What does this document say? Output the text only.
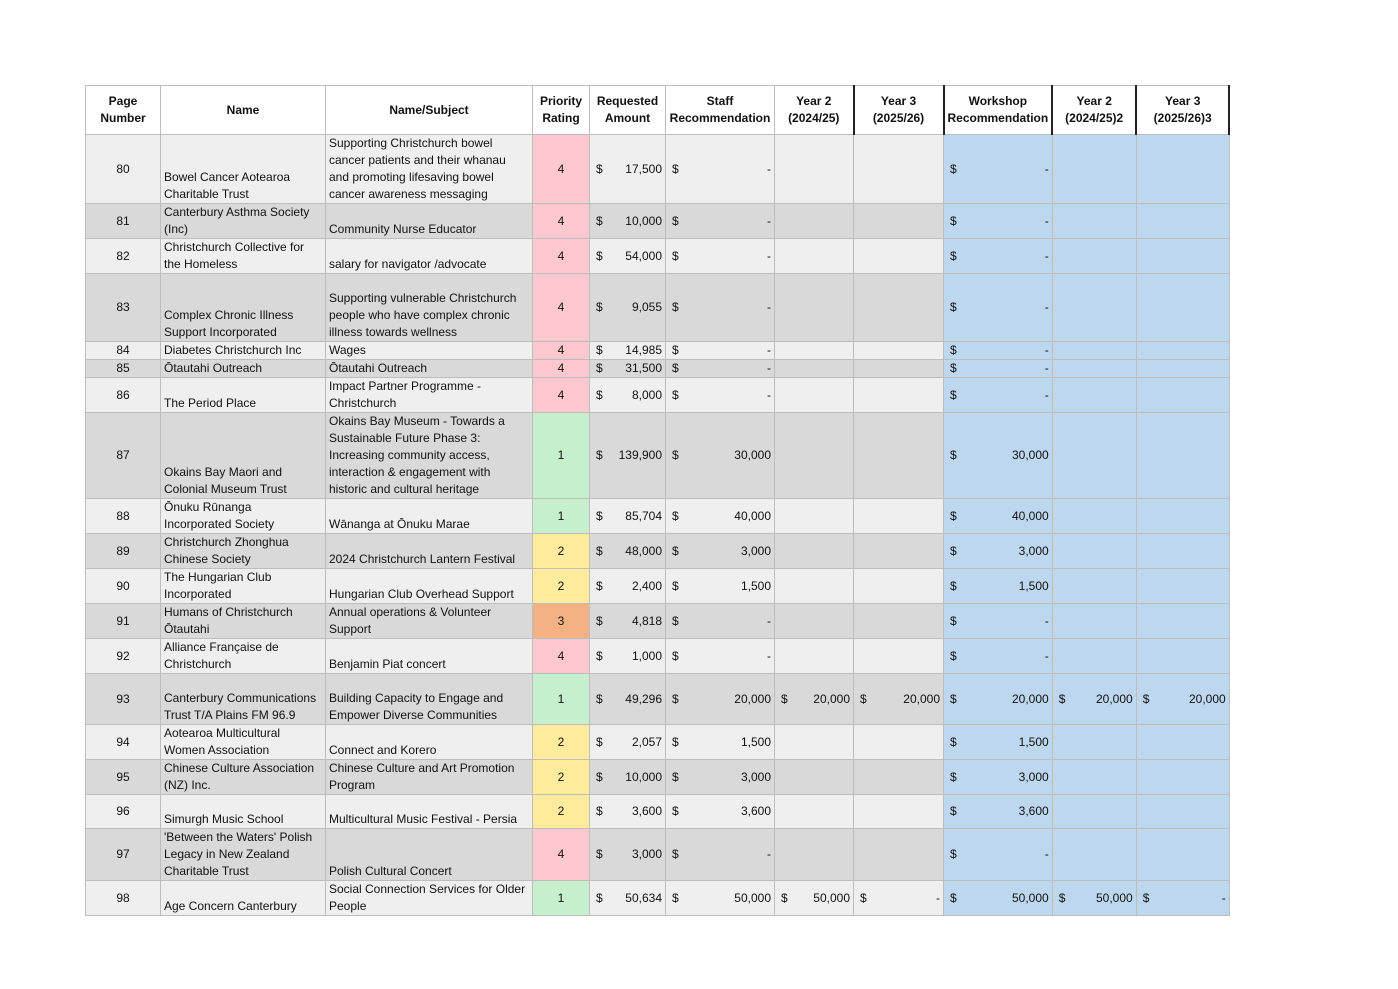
Page Number	Name	Name/Subject	Priority Rating	Requested Amount	Staff Recommendation	Year 2 (2024/25)	Year 3 (2025/26)	Workshop Recommendation	Year 2 (2024/25)2	Year 3 (2025/26)3
80	Bowel Cancer Aotearoa Charitable Trust	Supporting Christchurch bowel cancer patients and their whanau and promoting lifesaving bowel cancer awareness messaging	4	$ 17,500	$ -			$ -		

81	Canterbury Asthma Society (Inc)	Community Nurse Educator	4	$ 10,000	$ -			$ -		

82	Christchurch Collective for the Homeless	salary for navigator /advocate	4	$ 54,000	$ -			$ -		

83	Complex Chronic Illness Support Incorporated	Supporting vulnerable Christchurch people who have complex chronic illness towards wellness	4	$ 9,055	$ -			$ -		

84	Diabetes Christchurch Inc	Wages	4	$ 14,985	$ -			$ -		

85	Ōtautahi Outreach	Ōtautahi Outreach	4	$ 31,500	$ -			$ -		

86	The Period Place	Impact Partner Programme - Christchurch	4	$ 8,000	$ -			$ -		

87	Okains Bay Maori and Colonial Museum Trust	Okains Bay Museum - Towards a Sustainable Future Phase 3: Increasing community access, interaction & engagement with historic and cultural heritage	1	$ 139,900	$ 30,000			$ 30,000		

88	Ōnuku Rūnanga Incorporated Society	Wānanga at Ōnuku Marae	1	$ 85,704	$ 40,000			$ 40,000		

89	Christchurch Zhonghua Chinese Society	2024 Christchurch Lantern Festival	2	$ 48,000	$ 3,000			$ 3,000		

90	The Hungarian Club Incorporated	Hungarian Club Overhead Support	2	$ 2,400	$ 1,500			$ 1,500		

91	Humans of Christchurch Ōtautahi	Annual operations & Volunteer Support	3	$ 4,818	$ -			$ -		

92	Alliance Française de Christchurch	Benjamin Piat concert	4	$ 1,000	$ -			$ -		

93	Canterbury Communications Trust T/A Plains FM 96.9	Building Capacity to Engage and Empower Diverse Communities	1	$ 49,296	$ 20,000	$ 20,000	$ 20,000	$ 20,000	$ 20,000	$ 20,000

94	Aotearoa Multicultural Women Association	Connect and Korero	2	$ 2,057	$ 1,500			$ 1,500		

95	Chinese Culture Association (NZ) Inc.	Chinese Culture and Art Promotion Program	2	$ 10,000	$ 3,000			$ 3,000		

96	Simurgh Music School	Multicultural Music Festival - Persia	2	$ 3,600	$ 3,600			$ 3,600		

97	'Between the Waters' Polish Legacy in New Zealand Charitable Trust	Polish Cultural Concert	4	$ 3,000	$ -			$ -		

98	Age Concern Canterbury	Social Connection Services for Older People	1	$ 50,634	$ 50,000	$ 50,000	$ -	$ 50,000	$ 50,000	$ -
